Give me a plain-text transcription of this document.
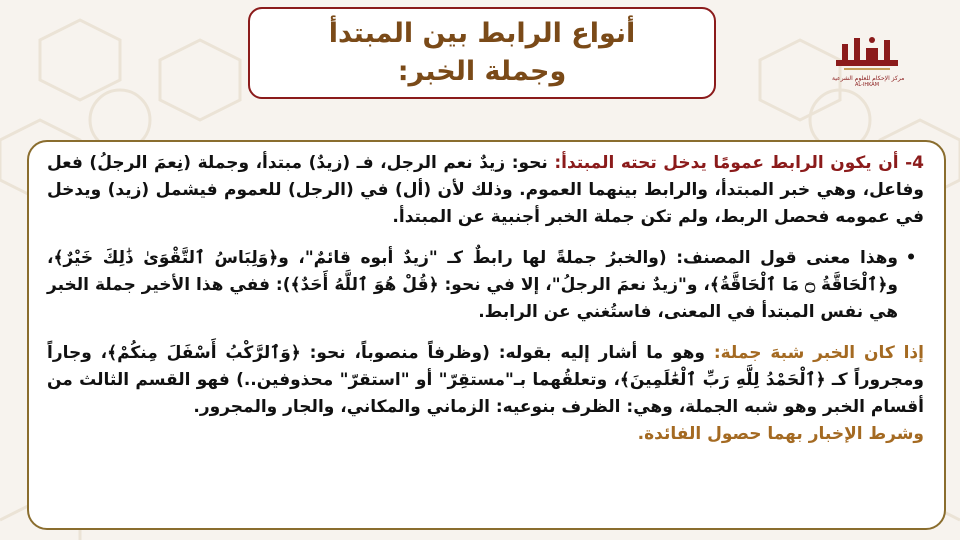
مركز الإحكام للعلوم الشرعية
AL-IHKAM
أنواع الرابط بين المبتدأ
وجملة الخبر:

4- أن يكون الرابط عمومًا يدخل تحته المبتدأ: نحو: زيدٌ نعم الرجل، فـ (زيدٌ) مبتدأ، وجملة (نِعمَ الرجلُ) فعل وفاعل، وهي خبر المبتدأ، والرابط بينهما العموم. وذلك لأن (أل) في (الرجل) للعموم فيشمل (زيد) ويدخل في عمومه فحصل الربط، ولم تكن جملة الخبر أجنبية عن المبتدأ.

•

وهذا معنى قول المصنف: (والخبرُ جملةً لها رابطٌ كـ "زيدٌ أبوه قائمٌ"، و﴿وَلِبَاسُ ٱلتَّقْوَىٰ ذَٰلِكَ خَيْرٌ﴾، و﴿ٱلْحَاقَّةُ ۝ مَا ٱلْحَاقَّةُ﴾، و"زيدٌ نعمَ الرجلُ"، إلا في نحو: ﴿قُلْ هُوَ ٱللَّهُ أَحَدٌ﴾): ففي هذا الأخير جملة الخبر هي نفس المبتدأ في المعنى، فاستُغني عن الرابط.

إذا كان الخبر شبهَ جملة: وهو ما أشار إليه بقوله: (وظرفاً منصوباً، نحو: ﴿وَٱلرَّكْبُ أَسْفَلَ مِنكُمْ﴾، وجاراً ومجروراً كـ ﴿ٱلْحَمْدُ لِلَّهِ رَبِّ ٱلْعَٰلَمِينَ﴾، وتعلقُهما بـ"مستقِرّ" أو "استقرّ" محذوفين..) فهو القسم الثالث من أقسام الخبر وهو شبه الجملة، وهي: الظرف بنوعيه: الزماني والمكاني، والجار والمجرور.

وشرط الإخبار بهما حصول الفائدة.
